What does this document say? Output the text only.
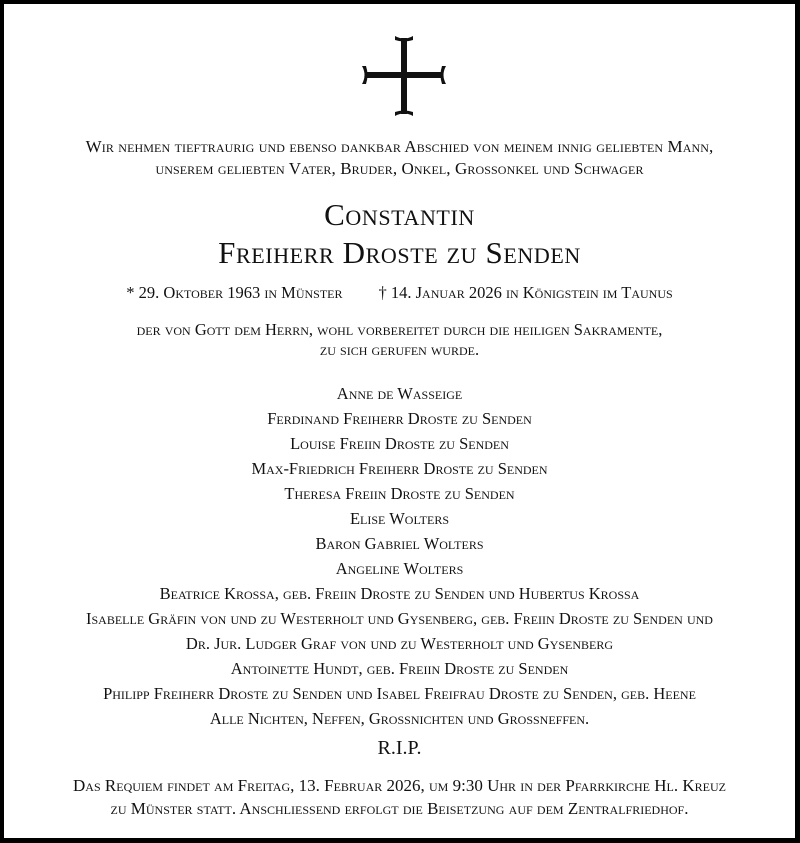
Wir nehmen tieftraurig und ebenso dankbar Abschied von meinem innig geliebten Mann,
unserem geliebten Vater, Bruder, Onkel, Grossonkel und Schwager
Constantin
Freiherr Droste zu Senden
* 29. Oktober 1963 in Münster † 14. Januar 2026 in Königstein im Taunus
der von Gott dem Herrn, wohl vorbereitet durch die heiligen Sakramente,
zu sich gerufen wurde.
Anne de Wasseige
Ferdinand Freiherr Droste zu Senden
Louise Freiin Droste zu Senden
Max-Friedrich Freiherr Droste zu Senden
Theresa Freiin Droste zu Senden
Elise Wolters
Baron Gabriel Wolters
Angeline Wolters
Beatrice Krossa, geb. Freiin Droste zu Senden und Hubertus Krossa
Isabelle Gräfin von und zu Westerholt und Gysenberg, geb. Freiin Droste zu Senden und
Dr. Jur. Ludger Graf von und zu Westerholt und Gysenberg
Antoinette Hundt, geb. Freiin Droste zu Senden
Philipp Freiherr Droste zu Senden und Isabel Freifrau Droste zu Senden, geb. Heene
Alle Nichten, Neffen, Grossnichten und Grossneffen.
R.I.P.
Das Requiem findet am Freitag, 13. Februar 2026, um 9:30 Uhr in der Pfarrkirche Hl. Kreuz
zu Münster statt. Anschliessend erfolgt die Beisetzung auf dem Zentralfriedhof.
